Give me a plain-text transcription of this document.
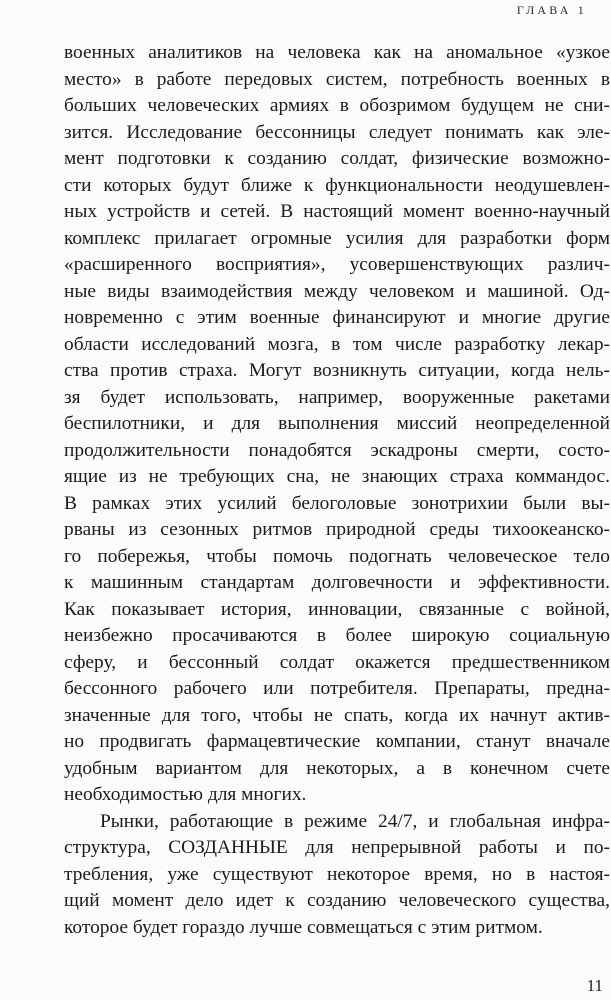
ГЛАВА 1
военных аналитиков на человека как на аномальное «узкое
место» в работе передовых систем, потребность военных в
больших человеческих армиях в обозримом будущем не сни-
зится. Исследование бессонницы следует понимать как эле-
мент подготовки к созданию солдат, физические возможно-
сти которых будут ближе к функциональности неодушевлен-
ных устройств и сетей. В настоящий момент военно-научный
комплекс прилагает огромные усилия для разработки форм
«расширенного восприятия», усовершенствующих различ-
ные виды взаимодействия между человеком и машиной. Од-
новременно с этим военные финансируют и многие другие
области исследований мозга, в том числе разработку лекар-
ства против страха. Могут возникнуть ситуации, когда нель-
зя будет использовать, например, вооруженные ракетами
беспилотники, и для выполнения миссий неопределенной
продолжительности понадобятся эскадроны смерти, состо-
ящие из не требующих сна, не знающих страха коммандос.
В рамках этих усилий белоголовые зонотрихии были вы-
рваны из сезонных ритмов природной среды тихоокеанско-
го побережья, чтобы помочь подогнать человеческое тело
к машинным стандартам долговечности и эффективности.
Как показывает история, инновации, связанные с войной,
неизбежно просачиваются в более широкую социальную
сферу, и бессонный солдат окажется предшественником
бессонного рабочего или потребителя. Препараты, предна-
значенные для того, чтобы не спать, когда их начнут актив-
но продвигать фармацевтические компании, станут вначале
удобным вариантом для некоторых, а в конечном счете
необходимостью для многих.
Рынки, работающие в режиме 24/7, и глобальная инфра-
структура, СОЗДАННЫЕ для непрерывной работы и по-
требления, уже существуют некоторое время, но в настоя-
щий момент дело идет к созданию человеческого существа,
которое будет гораздо лучше совмещаться с этим ритмом.
11
